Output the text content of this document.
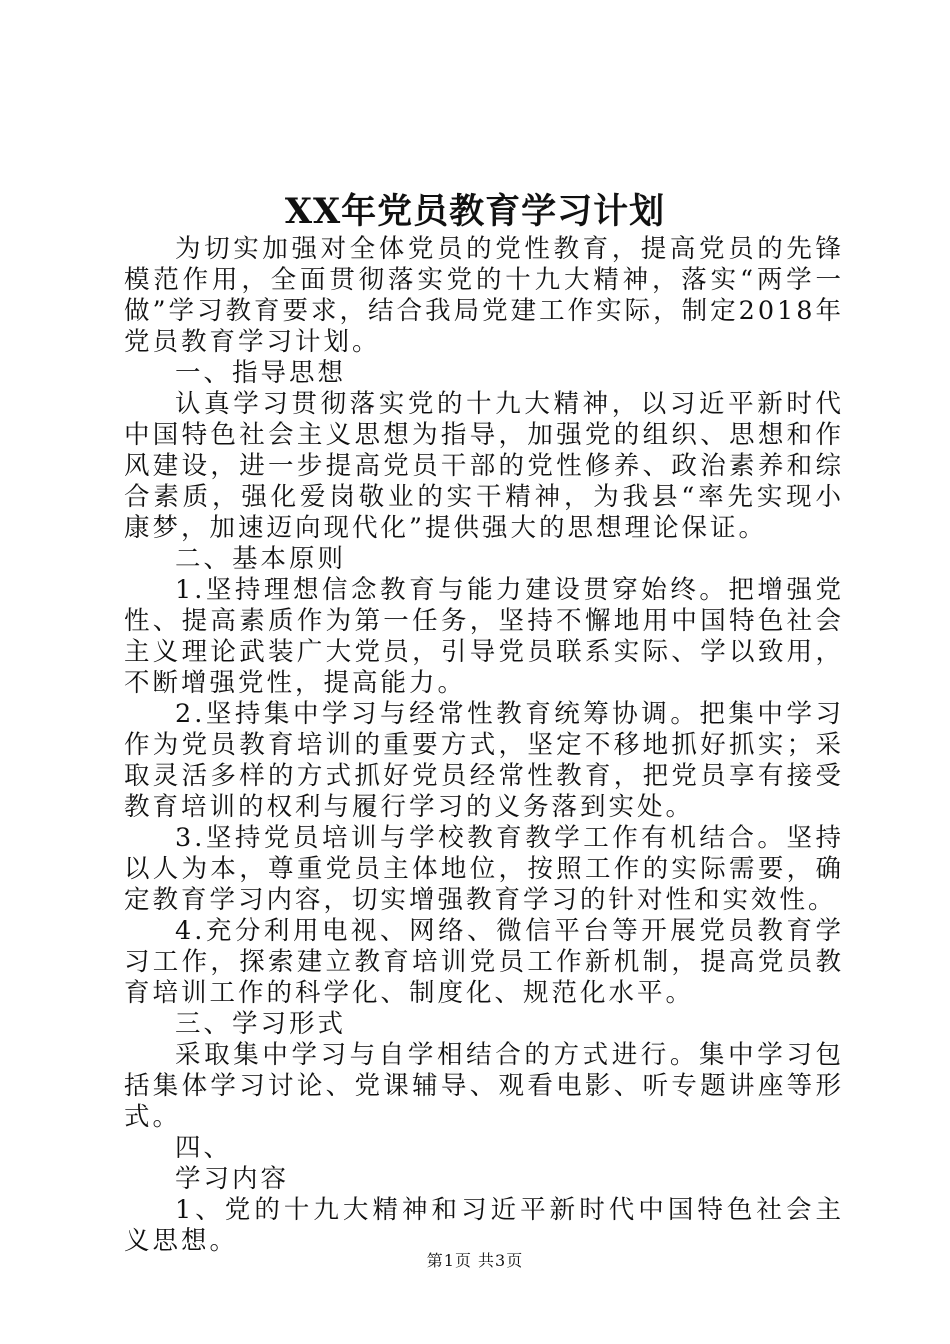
XX年党员教育学习计划

为切实加强对全体党员的党性教育，提高党员的先锋模范作用，全面贯彻落实党的十九大精神，落实“两学一做”学习教育要求，结合我局党建工作实际，制定2018年党员教育学习计划。

一、指导思想

认真学习贯彻落实党的十九大精神，以习近平新时代中国特色社会主义思想为指导，加强党的组织、思想和作风建设，进一步提高党员干部的党性修养、政治素养和综合素质，强化爱岗敬业的实干精神，为我县“率先实现小康梦，加速迈向现代化”提供强大的思想理论保证。

二、基本原则

1.坚持理想信念教育与能力建设贯穿始终。把增强党性、提高素质作为第一任务，坚持不懈地用中国特色社会主义理论武装广大党员，引导党员联系实际、学以致用，不断增强党性，提高能力。

2.坚持集中学习与经常性教育统筹协调。把集中学习作为党员教育培训的重要方式，坚定不移地抓好抓实；采取灵活多样的方式抓好党员经常性教育，把党员享有接受教育培训的权利与履行学习的义务落到实处。

3.坚持党员培训与学校教育教学工作有机结合。坚持以人为本，尊重党员主体地位，按照工作的实际需要，确定教育学习内容，切实增强教育学习的针对性和实效性。

4.充分利用电视、网络、微信平台等开展党员教育学习工作，探索建立教育培训党员工作新机制，提高党员教育培训工作的科学化、制度化、规范化水平。

三、学习形式

采取集中学习与自学相结合的方式进行。集中学习包括集体学习讨论、党课辅导、观看电影、听专题讲座等形式。

四、

学习内容

1、党的十九大精神和习近平新时代中国特色社会主义思想。

第1页 共3页
